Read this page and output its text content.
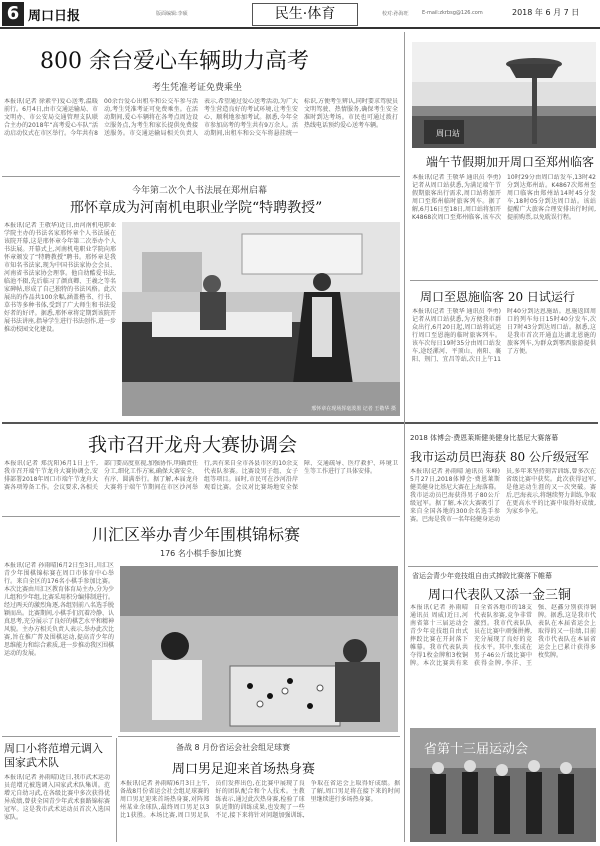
6 周口日报	版面编辑:李硕	民生·体育	校对:孙海旺	E-mail:zkrbsg@126.com	2018 年 6 月 7 日
800 余台爱心车辆助力高考
考生凭准考证免费乘坐
本报讯(记者 徐素平)爱心送考,温暖前行。6月4日,由市交通运输局、市文明办、市公安局交通管理支队联合主办的2018年“高考爱心车队”活动启动仪式在市区举行。今年共有800余台爱心出租车和公交车参与活动,考生凭准考证可免费乘坐。在活动期间,爱心车辆将在各考点周边设立服务点,为考生和家长提供免费接送服务。市交通运输局相关负责人表示,希望通过爱心送考活动,为广大考生营造良好的考试环境,让考生安心、顺利地参加考试。据悉,今年全市参加高考的考生共有9万余人。活动期间,出租车和公交车将悬挂统一标识,方便考生辨认,同时要求驾驶员文明驾驶、热情服务,确保考生安全准时到达考场。市民也可通过拨打热线电话预约爱心送考车辆。
今年第二次个人书法展在郑州启幕
邢怀章成为河南机电职业学院“特聘教授”
本报讯(记者 王敬华)近日,由河南机电职业学院主办的书法名家邢怀章个人书法展在该院开幕,这是邢怀章今年第二次举办个人书法展。开幕式上,河南机电职业学院向邢怀章颁发了“特聘教授”聘书。邢怀章是我市知名书法家,现为中国书法家协会会员、河南省书法家协会理事。他自幼酷爱书法,临池不辍,先后临习了颜真卿、王羲之等名家碑帖,形成了自己独特的书法风格。此次展出的作品共100余幅,涵盖楷书、行书、草书等多种书体,受到了广大师生和书法爱好者的好评。据悉,邢怀章将定期到该院开展书法讲座,指导学生进行书法创作,进一步推动校园文化建设。
邢怀章在现场挥毫泼墨 记者 王敬华 摄
周口站
端午节假期加开周口至郑州临客
本报讯(记者 王敬华 通讯员 李勇)记者从周口站获悉,为满足端午节假期旅客出行需求,周口站将加开周口至郑州临时旅客列车。据了解,6月16日至18日,周口站将加开K4868次周口至郑州临客,该车次10时29分由周口站发车,13时42分到达郑州站。K4867次郑州至周口临客由郑州站14时45分发车,18时05分到达周口站。该站提醒广大旅客合理安排出行时间,提前购票,以免耽误行程。
周口至恩施临客 20 日试运行
本报讯(记者 王敬华 通讯员 李勇)记者从周口站获悉,为方便我市群众出行,6月20日起,周口站将试运行周口至恩施的临时旅客列车。该车次每日19时35分由周口站发车,途经漯河、平顶山、南阳、襄阳、荆门、宜昌等站,次日上午11时40分到达恩施站。恩施返回周口的列车每日15时40分发车,次日7时43分到达周口站。据悉,这是我市首次开通直达湖北恩施的旅客列车,为群众到鄂西旅游提供了方便。
我市召开龙舟大赛协调会
本报讯(记者 郑沈阳)6月1日上午,我市召开端午节龙舟大赛协调会,安排部署2018年周口市端午节龙舟大赛各项筹备工作。会议要求,各相关部门要高度重视,加强协作,明确责任分工,细化工作方案,确保大赛安全、有序、圆满举行。据了解,本届龙舟大赛将于端午节期间在市区沙河举行,共有来自全市各县市区的10余支代表队参赛。比赛设男子组、女子组等项目。届时,市民可在沙河沿岸观看比赛。会议对比赛场地安全保障、交通疏导、医疗救护、环境卫生等工作进行了具体安排。
川汇区举办青少年围棋锦标赛
176 名小棋手参加比赛
本报讯(记者 孙雨晴)6月2日至3日,川汇区青少年围棋锦标赛在周口市体育中心举行。来自全区的176名小棋手参加比赛。本次比赛由川汇区教育体育局主办,分为少儿组和少年组,比赛采用积分编排制进行。经过两天的激烈角逐,各组别前八名选手脱颖而出。比赛期间,小棋手们沉着冷静、认真思考,充分展示了良好的棋艺水平和精神风貌。主办方相关负责人表示,举办此次比赛,旨在推广普及围棋运动,提高青少年的思维能力和综合素质,进一步推动我区围棋运动的发展。
2018 体博会·费恩莱斯健美健身比基尼大赛落幕
我市运动员巴海获 80 公斤级冠军
本报讯(记者 孙雨晴 通讯员 朱峰)5月27日,2018体博会·费恩莱斯健美健身比基尼大赛在上海落幕。我市运动员巴海获得男子80公斤级冠军。据了解,本次大赛吸引了来自全国各地的300余名选手参赛。巴海是我市一名年轻健身运动员,多年来坚持刻苦训练,曾多次在省级比赛中获奖。此次获得冠军,是他运动生涯的又一次突破。赛后,巴海表示,将继续努力训练,争取在更高水平的比赛中取得好成绩,为家乡争光。
省运会青少年竞技组自由式摔跤比赛落下帷幕
周口代表队又添一金三铜
本报讯(记者 孙雨晴 通讯员 周威)近日,河南省第十三届运动会青少年竞技组自由式摔跤比赛在开封落下帷幕。我市代表队共夺得1枚金牌和3枚铜牌。本次比赛共有来自全省各地市的18支代表队参赛,竞争非常激烈。我市代表队队员在比赛中顽强拼搏,充分展现了良好的竞技水平。其中,张成在男子46公斤级比赛中获得金牌,李洋、王强、赵鑫分别获得铜牌。据悉,这是我市代表队在本届省运会上取得的又一佳绩,目前我市代表队在本届省运会上已累计获得多枚奖牌。
省第十三届运动会
周口小将范增元调入国家武术队
本报讯(记者 孙雨晴)近日,我市武术运动员范增元被选调入国家武术队集训。范增元自幼习武,在各级比赛中多次获得优异成绩,曾获全国青少年武术套路锦标赛冠军。这是我市武术运动员首次入选国家队。
备战 8 月份省运会社会组足球赛
周口男足迎来首场热身赛
本报讯(记者 孙雨晴)6月3日上午,备战8月份省运会社会组足球赛的周口男足迎来首场热身赛,对阵郑州某业余球队,最终周口男足以3比1获胜。本场比赛,周口男足队员们发挥出色,在比赛中展现了良好的团队配合和个人技术。主教练表示,通过此次热身赛,检验了球队近期的训练成果,也发现了一些不足,接下来将针对问题加强训练,争取在省运会上取得好成绩。据了解,周口男足将在接下来的时间里继续进行多场热身赛。
